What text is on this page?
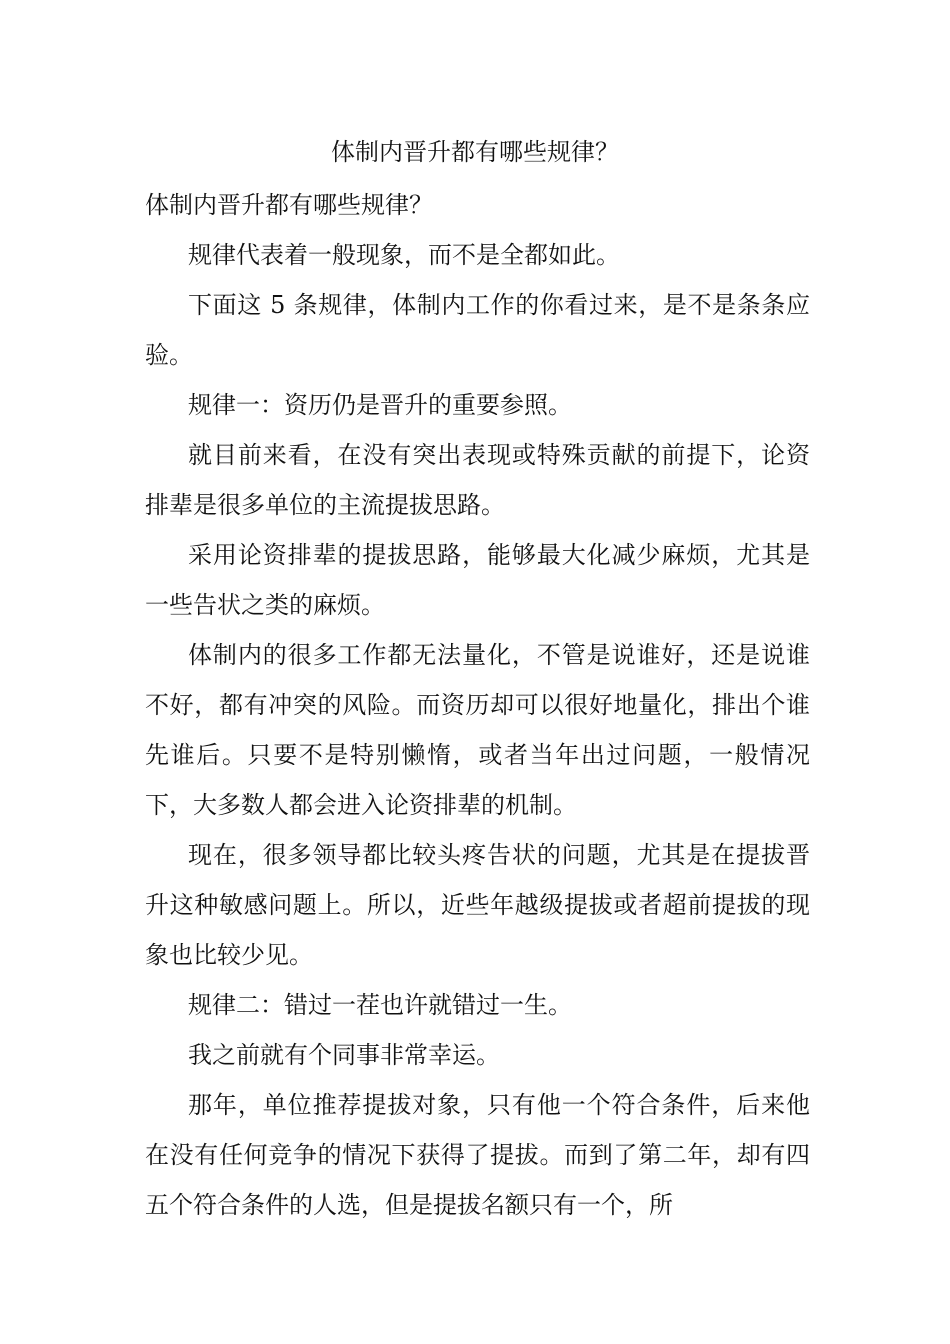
体制内晋升都有哪些规律？

体制内晋升都有哪些规律？

规律代表着一般现象，而不是全都如此。

下面这 5 条规律，体制内工作的你看过来，是不是条条应验。

规律一：资历仍是晋升的重要参照。

就目前来看，在没有突出表现或特殊贡献的前提下，论资排辈是很多单位的主流提拔思路。

采用论资排辈的提拔思路，能够最大化减少麻烦，尤其是一些告状之类的麻烦。

体制内的很多工作都无法量化，不管是说谁好，还是说谁不好，都有冲突的风险。而资历却可以很好地量化，排出个谁先谁后。只要不是特别懒惰，或者当年出过问题，一般情况下，大多数人都会进入论资排辈的机制。

现在，很多领导都比较头疼告状的问题，尤其是在提拔晋升这种敏感问题上。所以，近些年越级提拔或者超前提拔的现象也比较少见。

规律二：错过一茬也许就错过一生。

我之前就有个同事非常幸运。

那年，单位推荐提拔对象，只有他一个符合条件，后来他在没有任何竞争的情况下获得了提拔。而到了第二年，却有四五个符合条件的人选，但是提拔名额只有一个，所
